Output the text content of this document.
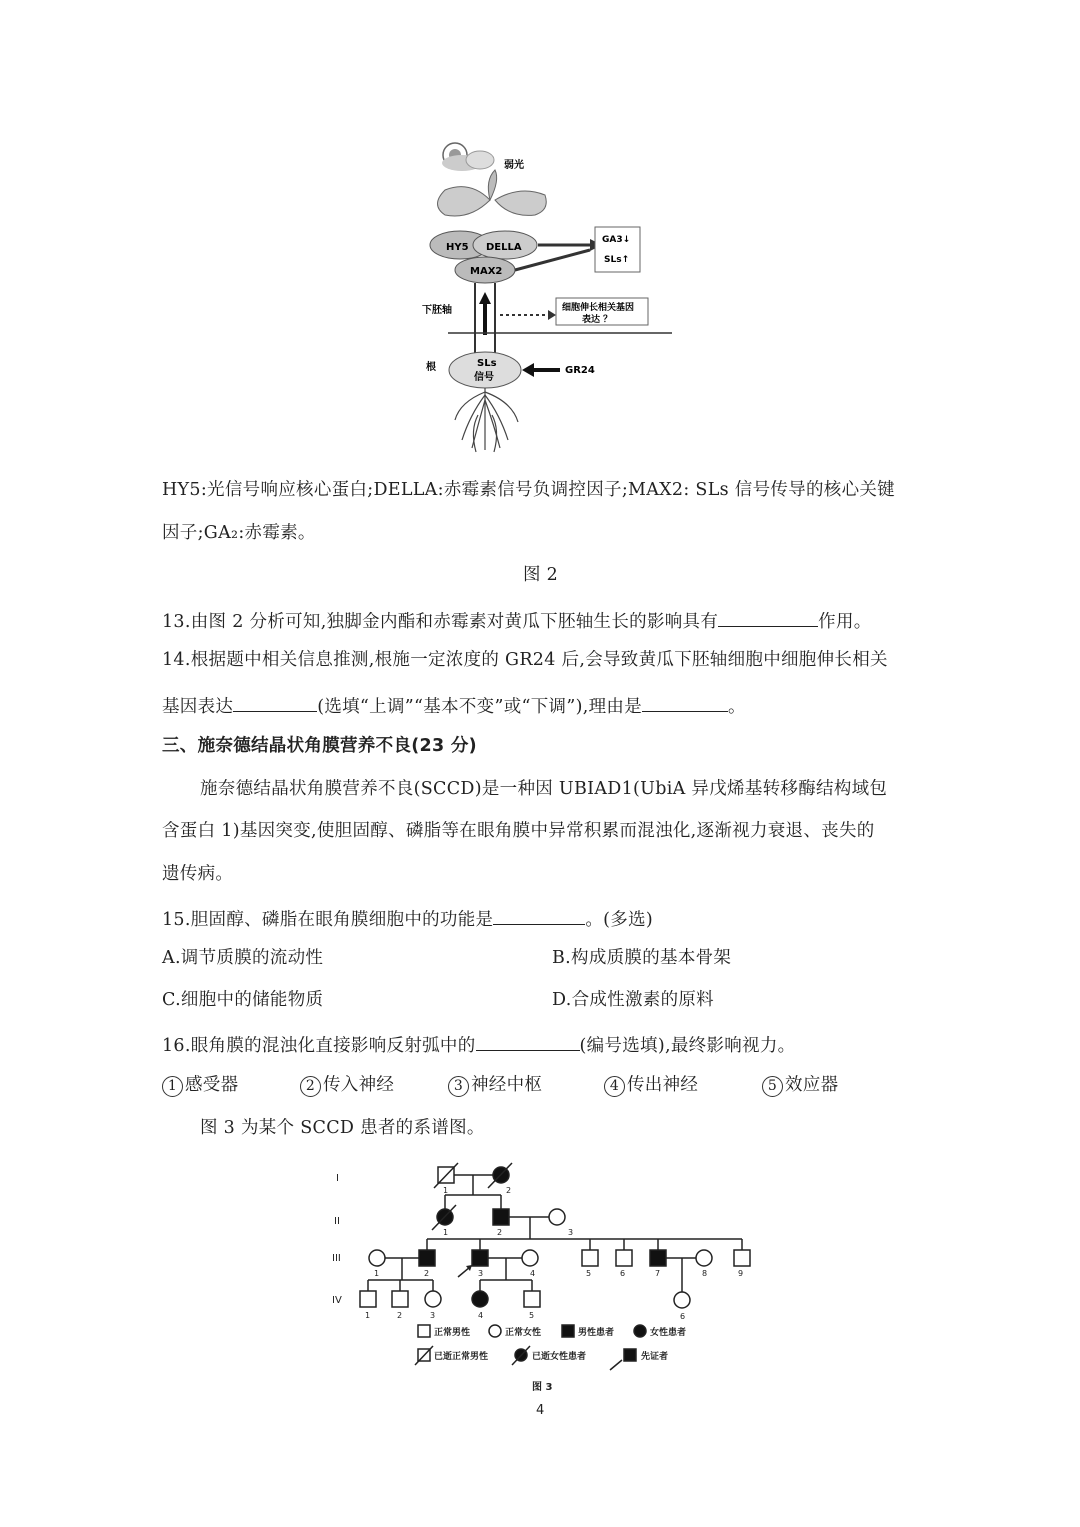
弱光
HY5 DELLA
MAX2
GA3↓
SLs↑
下胚轴	细胞伸长相关基因
表达 ？
SLs
信号
根	GR24
HY5:光信号响应核心蛋白;DELLA:赤霉素信号负调控因子;MAX2: SLs 信号传导的核心关键
因子;GA₂:赤霉素。
图 2
13.由图 2 分析可知,独脚金内酯和赤霉素对黄瓜下胚轴生长的影响具有	作用。
14.根据题中相关信息推测,根施一定浓度的 GR24 后,会导致黄瓜下胚轴细胞中细胞伸长相关
基因表达	(选填“上调”“基本不变”或“下调”),理由是	。
三、施奈德结晶状角膜营养不良(23 分)
施奈德结晶状角膜营养不良(SCCD)是一种因 UBIAD1(UbiA 异戊烯基转移酶结构域包
含蛋白 1)基因突变,使胆固醇、磷脂等在眼角膜中异常积累而混浊化,逐渐视力衰退、丧失的
遗传病。
15.胆固醇、磷脂在眼角膜细胞中的功能是	。(多选)
A.调节质膜的流动性	B.构成质膜的基本骨架
C.细胞中的储能物质	D.合成性激素的原料
16.眼角膜的混浊化直接影响反射弧中的	(编号选填),最终影响视力。
1 感受器	2 传入神经	3 神经中枢	4 传出神经	5 效应器
图 3 为某个 SCCD 患者的系谱图。
I
II
III
IV
1	2
1	2	3
1	2	3	4	5	6	7	8	9
1	2	3	4	5	6
正常男性	正常女性	男性患者	女性患者
已逝正常男性	已逝女性患者	先证者
图 3
4
